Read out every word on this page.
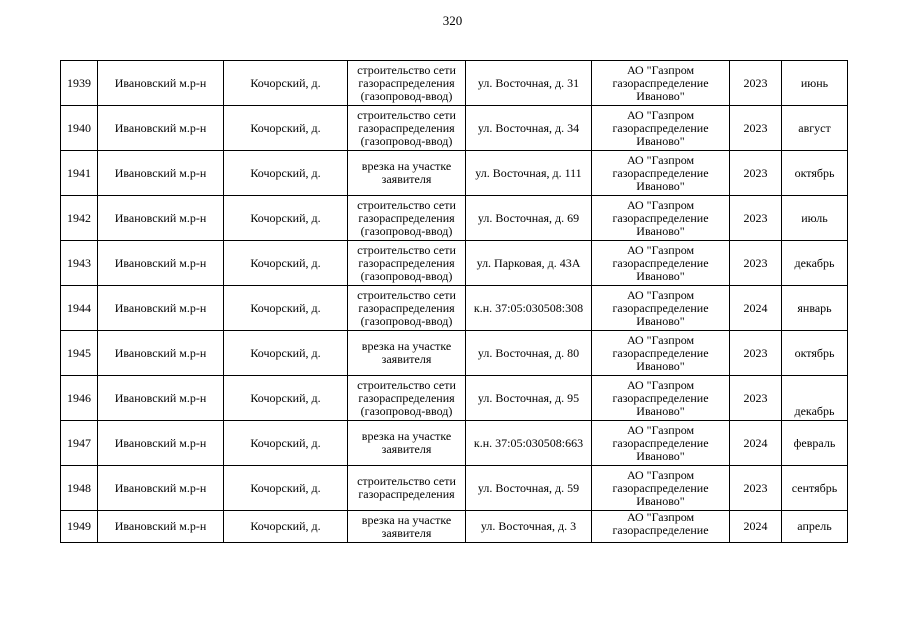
320
1939	Ивановский м.р-н	Кочорский, д.	строительство сети газораспределения (газопровод-ввод)	ул. Восточная, д. 31	АО "Газпром газораспределение Иваново"	2023	июнь
1940	Ивановский м.р-н	Кочорский, д.	строительство сети газораспределения (газопровод-ввод)	ул. Восточная, д. 34	АО "Газпром газораспределение Иваново"	2023	август
1941	Ивановский м.р-н	Кочорский, д.	врезка на участке заявителя	ул. Восточная, д. 111	АО "Газпром газораспределение Иваново"	2023	октябрь
1942	Ивановский м.р-н	Кочорский, д.	строительство сети газораспределения (газопровод-ввод)	ул. Восточная, д. 69	АО "Газпром газораспределение Иваново"	2023	июль
1943	Ивановский м.р-н	Кочорский, д.	строительство сети газораспределения (газопровод-ввод)	ул. Парковая, д. 43А	АО "Газпром газораспределение Иваново"	2023	декабрь
1944	Ивановский м.р-н	Кочорский, д.	строительство сети газораспределения (газопровод-ввод)	к.н. 37:05:030508:308	АО "Газпром газораспределение Иваново"	2024	январь
1945	Ивановский м.р-н	Кочорский, д.	врезка на участке заявителя	ул. Восточная, д. 80	АО "Газпром газораспределение Иваново"	2023	октябрь
1946	Ивановский м.р-н	Кочорский, д.	строительство сети газораспределения (газопровод-ввод)	ул. Восточная, д. 95	АО "Газпром газораспределение Иваново"	2023	декабрь
1947	Ивановский м.р-н	Кочорский, д.	врезка на участке заявителя	к.н. 37:05:030508:663	АО "Газпром газораспределение Иваново"	2024	февраль
1948	Ивановский м.р-н	Кочорский, д.	строительство сети газораспределения	ул. Восточная, д. 59	АО "Газпром газораспределение Иваново"	2023	сентябрь
1949	Ивановский м.р-н	Кочорский, д.	врезка на участке заявителя	ул. Восточная, д. 3	АО "Газпром газораспределение	2024	апрель
